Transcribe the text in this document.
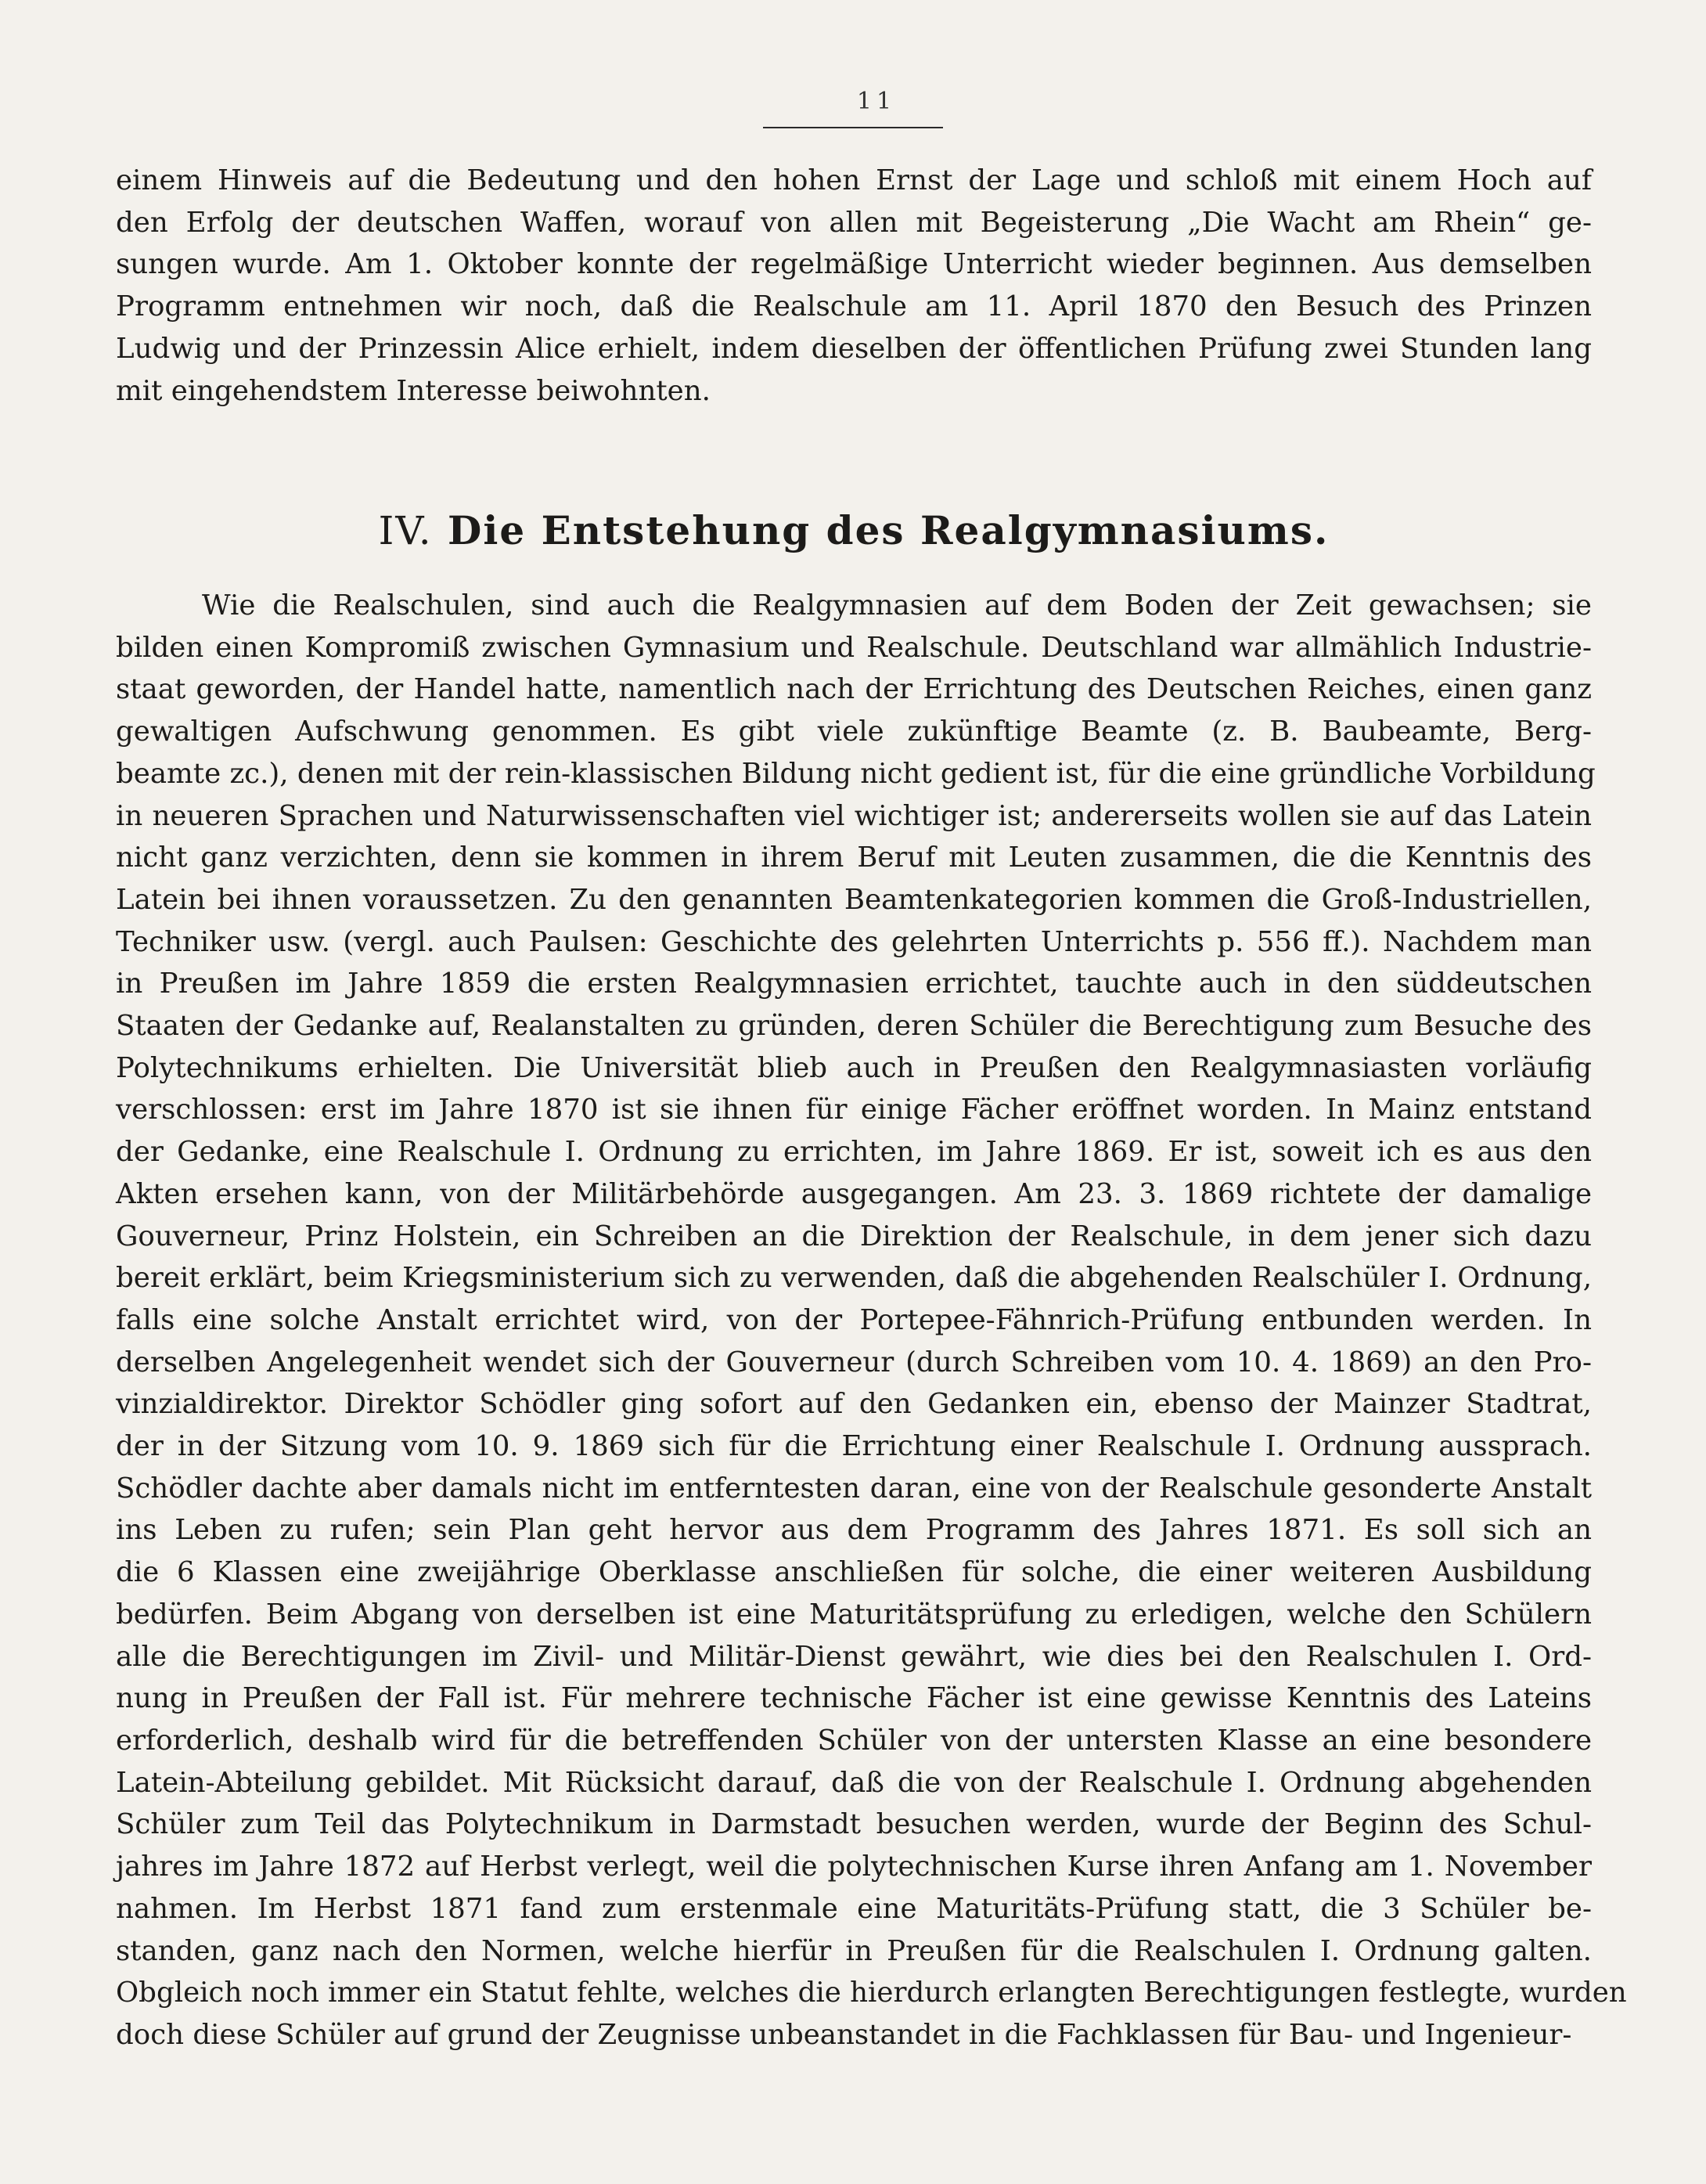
11
einem Hinweis auf die Bedeutung und den hohen Ernst der Lage und schloß mit einem Hoch auf
den Erfolg der deutschen Waffen, worauf von allen mit Begeisterung „Die Wacht am Rhein“ ge-
sungen wurde. Am 1. Oktober konnte der regelmäßige Unterricht wieder beginnen. Aus demselben
Programm entnehmen wir noch, daß die Realschule am 11. April 1870 den Besuch des Prinzen
Ludwig und der Prinzessin Alice erhielt, indem dieselben der öffentlichen Prüfung zwei Stunden lang
mit eingehendstem Interesse beiwohnten.
IV. Die Entstehung des Realgymnasiums.
Wie die Realschulen, sind auch die Realgymnasien auf dem Boden der Zeit gewachsen; sie
bilden einen Kompromiß zwischen Gymnasium und Realschule. Deutschland war allmählich Industrie-
staat geworden, der Handel hatte, namentlich nach der Errichtung des Deutschen Reiches, einen ganz
gewaltigen Aufschwung genommen. Es gibt viele zukünftige Beamte (z. B. Baubeamte, Berg-
beamte zc.), denen mit der rein-klassischen Bildung nicht gedient ist, für die eine gründliche Vorbildung
in neueren Sprachen und Naturwissenschaften viel wichtiger ist; andererseits wollen sie auf das Latein
nicht ganz verzichten, denn sie kommen in ihrem Beruf mit Leuten zusammen, die die Kenntnis des
Latein bei ihnen voraussetzen. Zu den genannten Beamtenkategorien kommen die Groß-Industriellen,
Techniker usw. (vergl. auch Paulsen: Geschichte des gelehrten Unterrichts p. 556 ff.). Nachdem man
in Preußen im Jahre 1859 die ersten Realgymnasien errichtet, tauchte auch in den süddeutschen
Staaten der Gedanke auf, Realanstalten zu gründen, deren Schüler die Berechtigung zum Besuche des
Polytechnikums erhielten. Die Universität blieb auch in Preußen den Realgymnasiasten vorläufig
verschlossen: erst im Jahre 1870 ist sie ihnen für einige Fächer eröffnet worden. In Mainz entstand
der Gedanke, eine Realschule I. Ordnung zu errichten, im Jahre 1869. Er ist, soweit ich es aus den
Akten ersehen kann, von der Militärbehörde ausgegangen. Am 23. 3. 1869 richtete der damalige
Gouverneur, Prinz Holstein, ein Schreiben an die Direktion der Realschule, in dem jener sich dazu
bereit erklärt, beim Kriegsministerium sich zu verwenden, daß die abgehenden Realschüler I. Ordnung,
falls eine solche Anstalt errichtet wird, von der Portepee-Fähnrich-Prüfung entbunden werden. In
derselben Angelegenheit wendet sich der Gouverneur (durch Schreiben vom 10. 4. 1869) an den Pro-
vinzialdirektor. Direktor Schödler ging sofort auf den Gedanken ein, ebenso der Mainzer Stadtrat,
der in der Sitzung vom 10. 9. 1869 sich für die Errichtung einer Realschule I. Ordnung aussprach.
Schödler dachte aber damals nicht im entferntesten daran, eine von der Realschule gesonderte Anstalt
ins Leben zu rufen; sein Plan geht hervor aus dem Programm des Jahres 1871. Es soll sich an
die 6 Klassen eine zweijährige Oberklasse anschließen für solche, die einer weiteren Ausbildung
bedürfen. Beim Abgang von derselben ist eine Maturitätsprüfung zu erledigen, welche den Schülern
alle die Berechtigungen im Zivil- und Militär-Dienst gewährt, wie dies bei den Realschulen I. Ord-
nung in Preußen der Fall ist. Für mehrere technische Fächer ist eine gewisse Kenntnis des Lateins
erforderlich, deshalb wird für die betreffenden Schüler von der untersten Klasse an eine besondere
Latein-Abteilung gebildet. Mit Rücksicht darauf, daß die von der Realschule I. Ordnung abgehenden
Schüler zum Teil das Polytechnikum in Darmstadt besuchen werden, wurde der Beginn des Schul-
jahres im Jahre 1872 auf Herbst verlegt, weil die polytechnischen Kurse ihren Anfang am 1. November
nahmen. Im Herbst 1871 fand zum erstenmale eine Maturitäts-Prüfung statt, die 3 Schüler be-
standen, ganz nach den Normen, welche hierfür in Preußen für die Realschulen I. Ordnung galten.
Obgleich noch immer ein Statut fehlte, welches die hierdurch erlangten Berechtigungen festlegte, wurden
doch diese Schüler auf grund der Zeugnisse unbeanstandet in die Fachklassen für Bau- und Ingenieur-
